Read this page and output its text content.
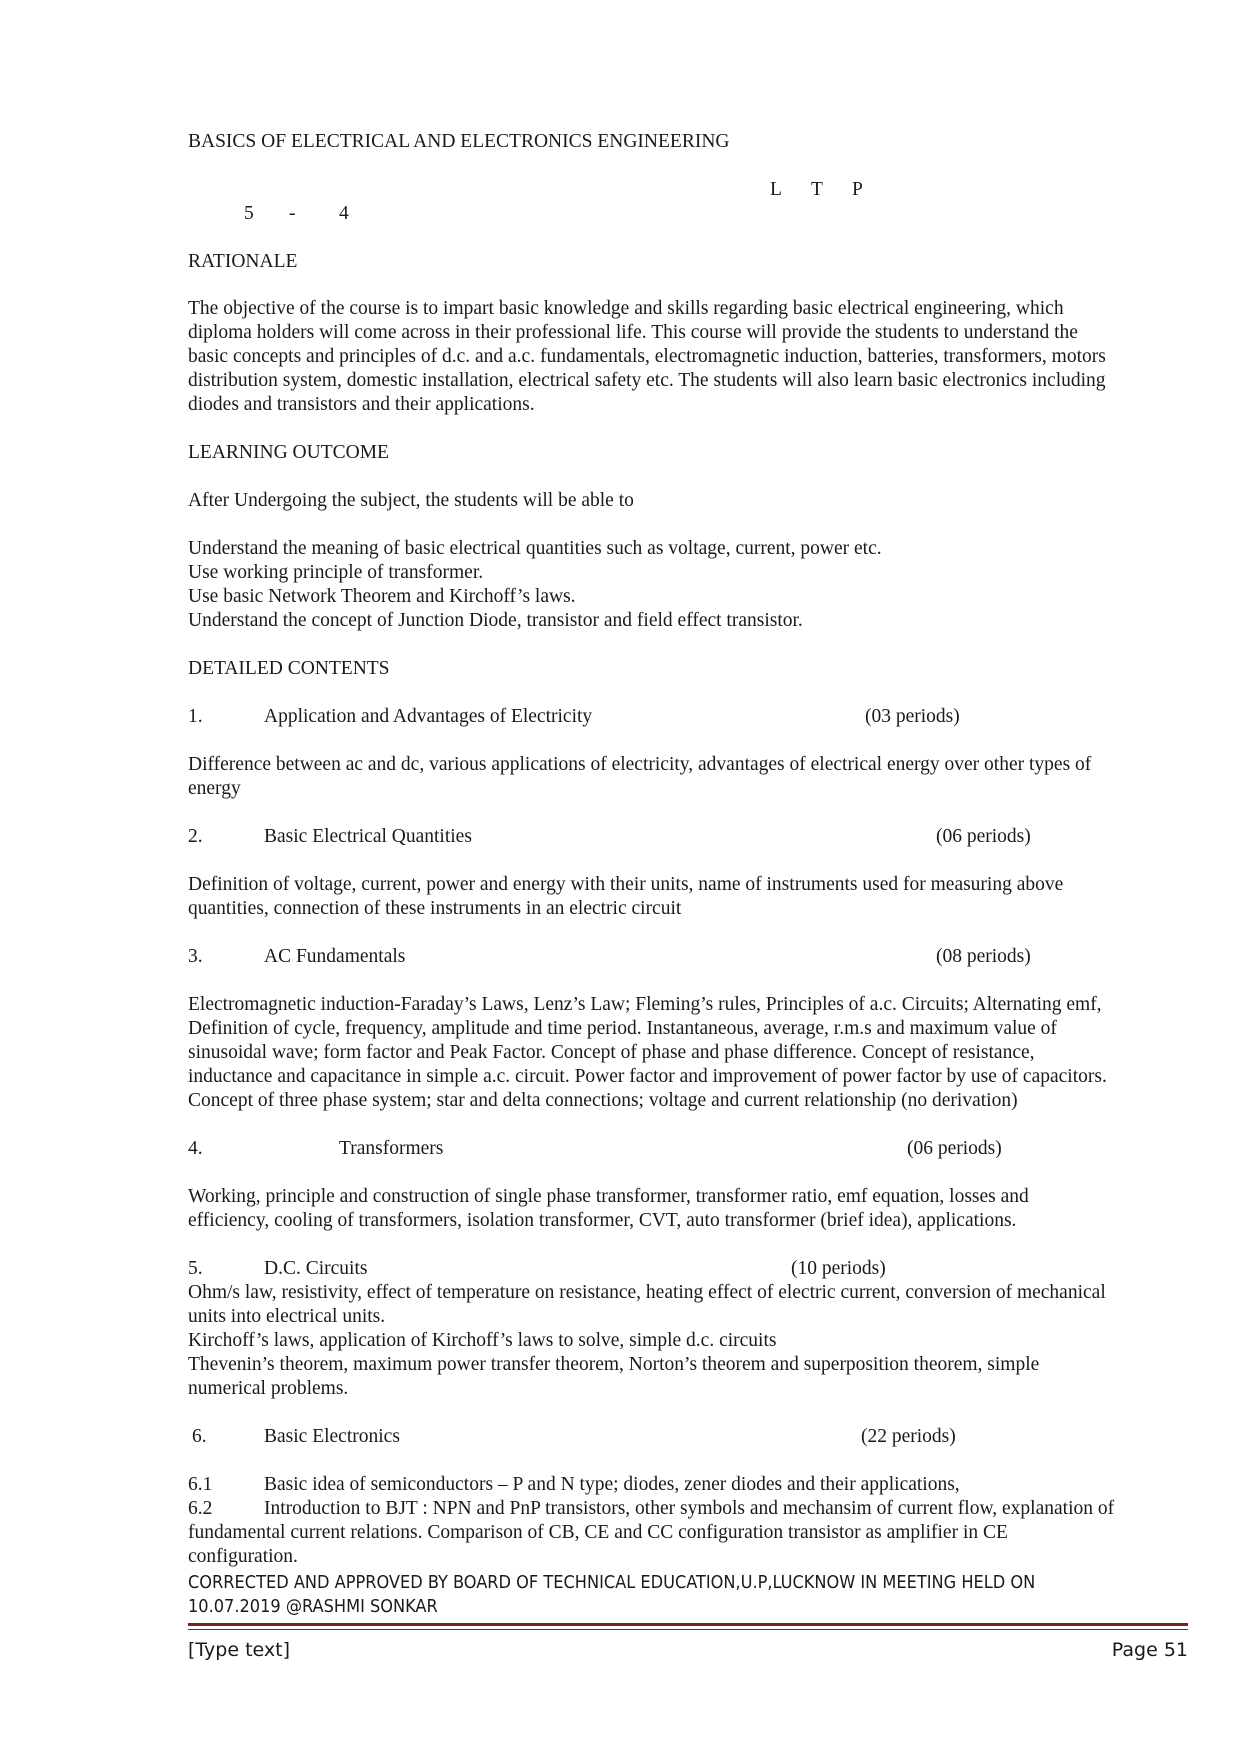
BASICS OF ELECTRICAL AND ELECTRONICS ENGINEERING
L T P
5 - 4
RATIONALE
The objective of the course is to impart basic knowledge and skills regarding basic electrical engineering, which
diploma holders will come across in their professional life. This course will provide the students to understand the
basic concepts and principles of d.c. and a.c. fundamentals, electromagnetic induction, batteries, transformers, motors
distribution system, domestic installation, electrical safety etc. The students will also learn basic electronics including
diodes and transistors and their applications.
LEARNING OUTCOME
After Undergoing the subject, the students will be able to
Understand the meaning of basic electrical quantities such as voltage, current, power etc.
Use working principle of transformer.
Use basic Network Theorem and Kirchoff’s laws.
Understand the concept of Junction Diode, transistor and field effect transistor.
DETAILED CONTENTS
1.	Application and Advantages of Electricity	(03 periods)
Difference between ac and dc, various applications of electricity, advantages of electrical energy over other types of
energy
2.	Basic Electrical Quantities	(06 periods)
Definition of voltage, current, power and energy with their units, name of instruments used for measuring above
quantities, connection of these instruments in an electric circuit
3.	AC Fundamentals	(08 periods)
Electromagnetic induction-Faraday’s Laws, Lenz’s Law; Fleming’s rules, Principles of a.c. Circuits; Alternating emf,
Definition of cycle, frequency, amplitude and time period. Instantaneous, average, r.m.s and maximum value of
sinusoidal wave; form factor and Peak Factor. Concept of phase and phase difference. Concept of resistance,
inductance and capacitance in simple a.c. circuit. Power factor and improvement of power factor by use of capacitors.
Concept of three phase system; star and delta connections; voltage and current relationship (no derivation)
4.	Transformers	(06 periods)
Working, principle and construction of single phase transformer, transformer ratio, emf equation, losses and
efficiency, cooling of transformers, isolation transformer, CVT, auto transformer (brief idea), applications.
5.	D.C. Circuits	(10 periods)
Ohm/s law, resistivity, effect of temperature on resistance, heating effect of electric current, conversion of mechanical
units into electrical units.
Kirchoff’s laws, application of Kirchoff’s laws to solve, simple d.c. circuits
Thevenin’s theorem, maximum power transfer theorem, Norton’s theorem and superposition theorem, simple
numerical problems.
6.	Basic Electronics	(22 periods)
6.1	Basic idea of semiconductors – P and N type; diodes, zener diodes and their applications,
6.2	Introduction to BJT : NPN and PnP transistors, other symbols and mechansim of current flow, explanation of
fundamental current relations. Comparison of CB, CE and CC configuration transistor as amplifier in CE
configuration.
CORRECTED AND APPROVED BY BOARD OF TECHNICAL EDUCATION,U.P,LUCKNOW IN MEETING HELD ON
10.07.2019 @RASHMI SONKAR
[Type text]	Page 51
